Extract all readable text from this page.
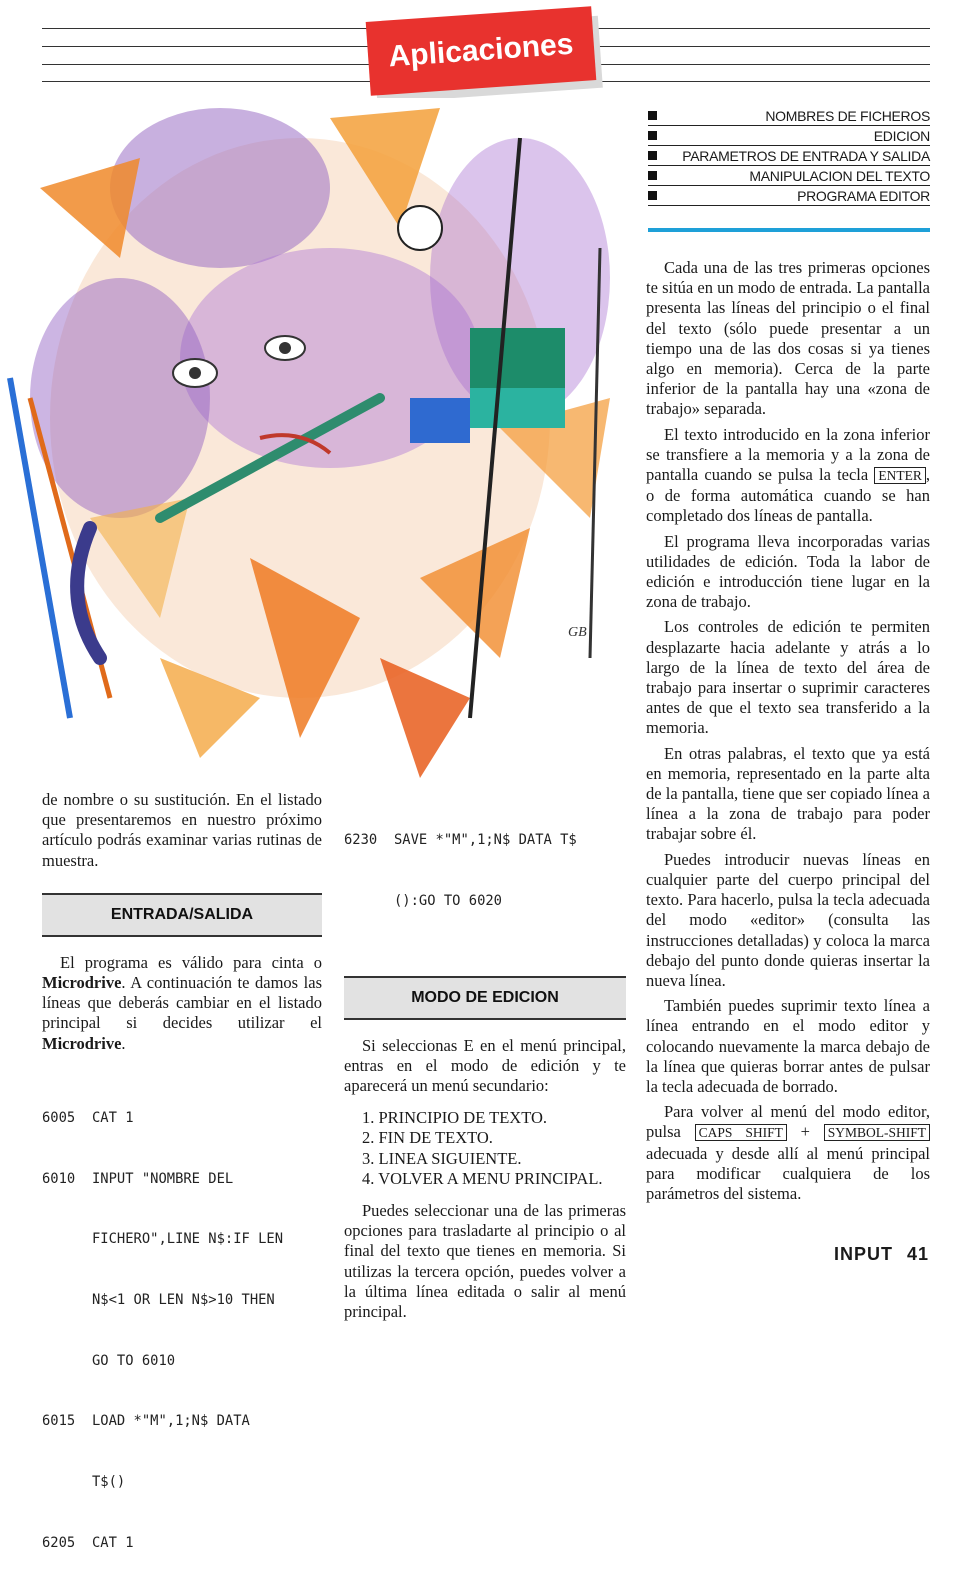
Aplicaciones
NOMBRES DE FICHEROS
EDICION
PARAMETROS DE ENTRADA Y SALIDA
MANIPULACION DEL TEXTO
PROGRAMA EDITOR
GB

de nombre o su sustitución. En el listado que presentaremos en nuestro próximo artículo podrás examinar varias rutinas de muestra.

ENTRADA/SALIDA

El programa es válido para cinta o Microdrive. A continuación te damos las líneas que deberás cambiar en el listado principal si decides utilizar el Microdrive.

6005 CAT 1

6010 INPUT "NOMBRE DEL

FICHERO",LINE N$:IF LEN

N$<1 OR LEN N$>10 THEN

GO TO 6010

6015 LOAD *"M",1;N$ DATA

T$()

6205 CAT 1

6230 SAVE *"M",1;N$ DATA T$

():GO TO 6020

MODO DE EDICION

Si seleccionas E en el menú principal, entras en el modo de edición y te aparecerá un menú secundario:

1. PRINCIPIO DE TEXTO.
2. FIN DE TEXTO.
3. LINEA SIGUIENTE.
4. VOLVER A MENU PRINCIPAL.

Puedes seleccionar una de las primeras opciones para trasladarte al principio o al final del texto que tienes en memoria. Si utilizas la tercera opción, puedes volver a la última línea editada o salir al menú principal.

Cada una de las tres primeras opciones te sitúa en un modo de entrada. La pantalla presenta las líneas del principio o el final del texto (sólo puede presentar a un tiempo una de las dos cosas si ya tienes algo en memoria). Cerca de la parte inferior de la pantalla hay una «zona de trabajo» separada.

El texto introducido en la zona inferior se transfiere a la memoria y a la zona de pantalla cuando se pulsa la tecla ENTER , o de forma automática cuando se han completado dos líneas de pantalla.

El programa lleva incorporadas varias utilidades de edición. Toda la labor de edición e introducción tiene lugar en la zona de trabajo.

Los controles de edición te permiten desplazarte hacia adelante y atrás a lo largo de la línea de texto del área de trabajo para insertar o suprimir caracteres antes de que el texto sea transferido a la memoria.

En otras palabras, el texto que ya está en memoria, representado en la parte alta de la pantalla, tiene que ser copiado línea a línea a la zona de trabajo para poder trabajar sobre él.

Puedes introducir nuevas líneas en cualquier parte del cuerpo principal del texto. Para hacerlo, pulsa la tecla adecuada del modo «editor» (consulta las instrucciones detalladas) y coloca la marca debajo del punto donde quieras insertar la nueva línea.

También puedes suprimir texto línea a línea entrando en el modo editor y colocando nuevamente la marca debajo de la línea que quieras borrar antes de pulsar la tecla adecuada de borrado.

Para volver al menú del modo editor, pulsa CAPS SHIFT + SYMBOL-SHIFT adecuada y desde allí al menú principal para modificar cualquiera de los parámetros del sistema.

INPUT 41
